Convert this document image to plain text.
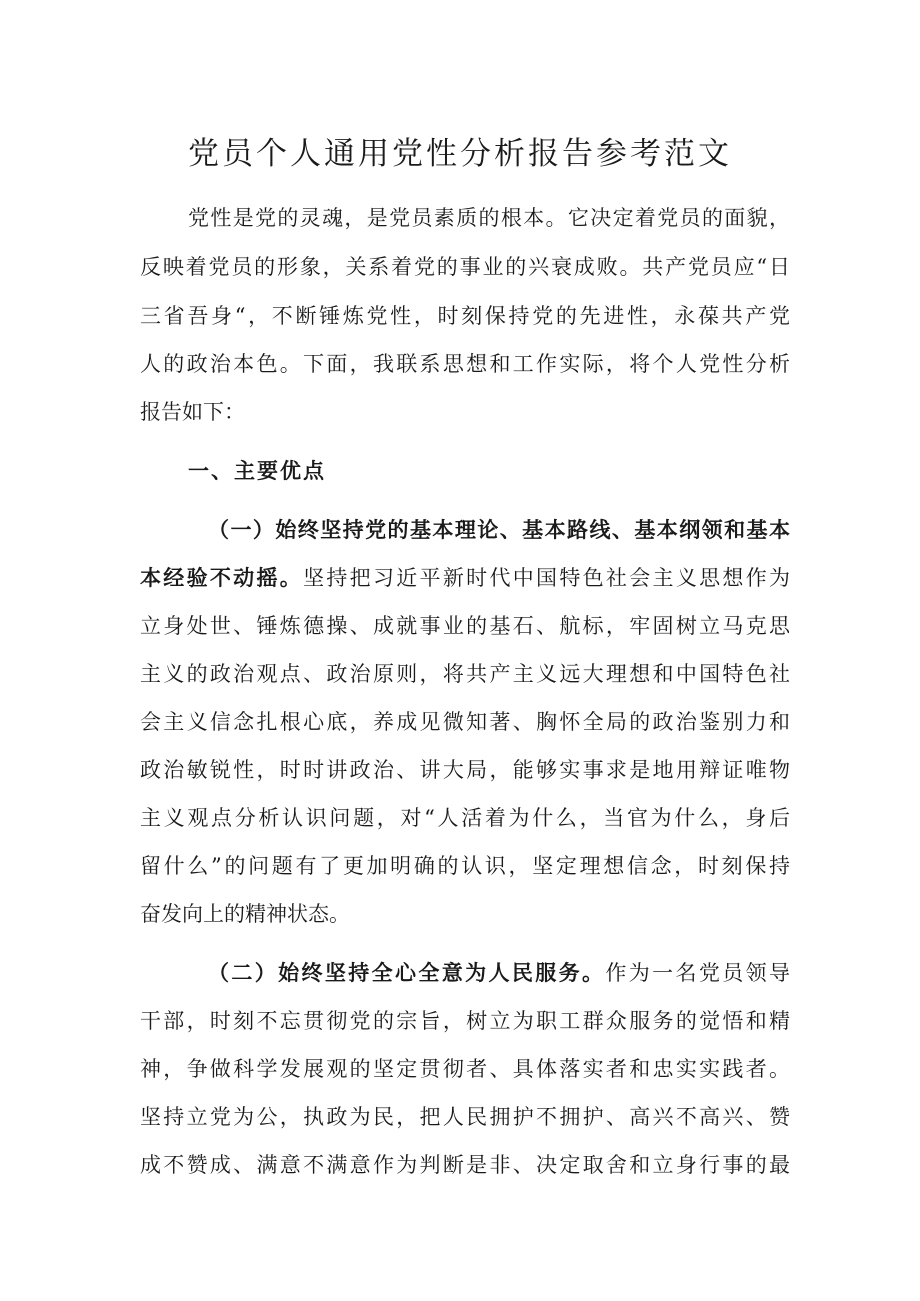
党员个人通用党性分析报告参考范文
党性是党的灵魂，是党员素质的根本。它决定着党员的面貌，
反映着党员的形象，关系着党的事业的兴衰成败。共产党员应“日
三省吾身“，不断锤炼党性，时刻保持党的先进性，永葆共产党
人的政治本色。下面，我联系思想和工作实际，将个人党性分析
报告如下：
一、主要优点
（一）始终坚持党的基本理论、基本路线、基本纲领和基本
本经验不动摇。坚持把习近平新时代中国特色社会主义思想作为
立身处世、锤炼德操、成就事业的基石、航标，牢固树立马克思
主义的政治观点、政治原则，将共产主义远大理想和中国特色社
会主义信念扎根心底，养成见微知著、胸怀全局的政治鉴别力和
政治敏锐性，时时讲政治、讲大局，能够实事求是地用辩证唯物
主义观点分析认识问题，对“人活着为什么，当官为什么，身后
留什么”的问题有了更加明确的认识，坚定理想信念，时刻保持
奋发向上的精神状态。
（二）始终坚持全心全意为人民服务。作为一名党员领导
干部，时刻不忘贯彻党的宗旨，树立为职工群众服务的觉悟和精
神，争做科学发展观的坚定贯彻者、具体落实者和忠实实践者。
坚持立党为公，执政为民，把人民拥护不拥护、高兴不高兴、赞
成不赞成、满意不满意作为判断是非、决定取舍和立身行事的最
